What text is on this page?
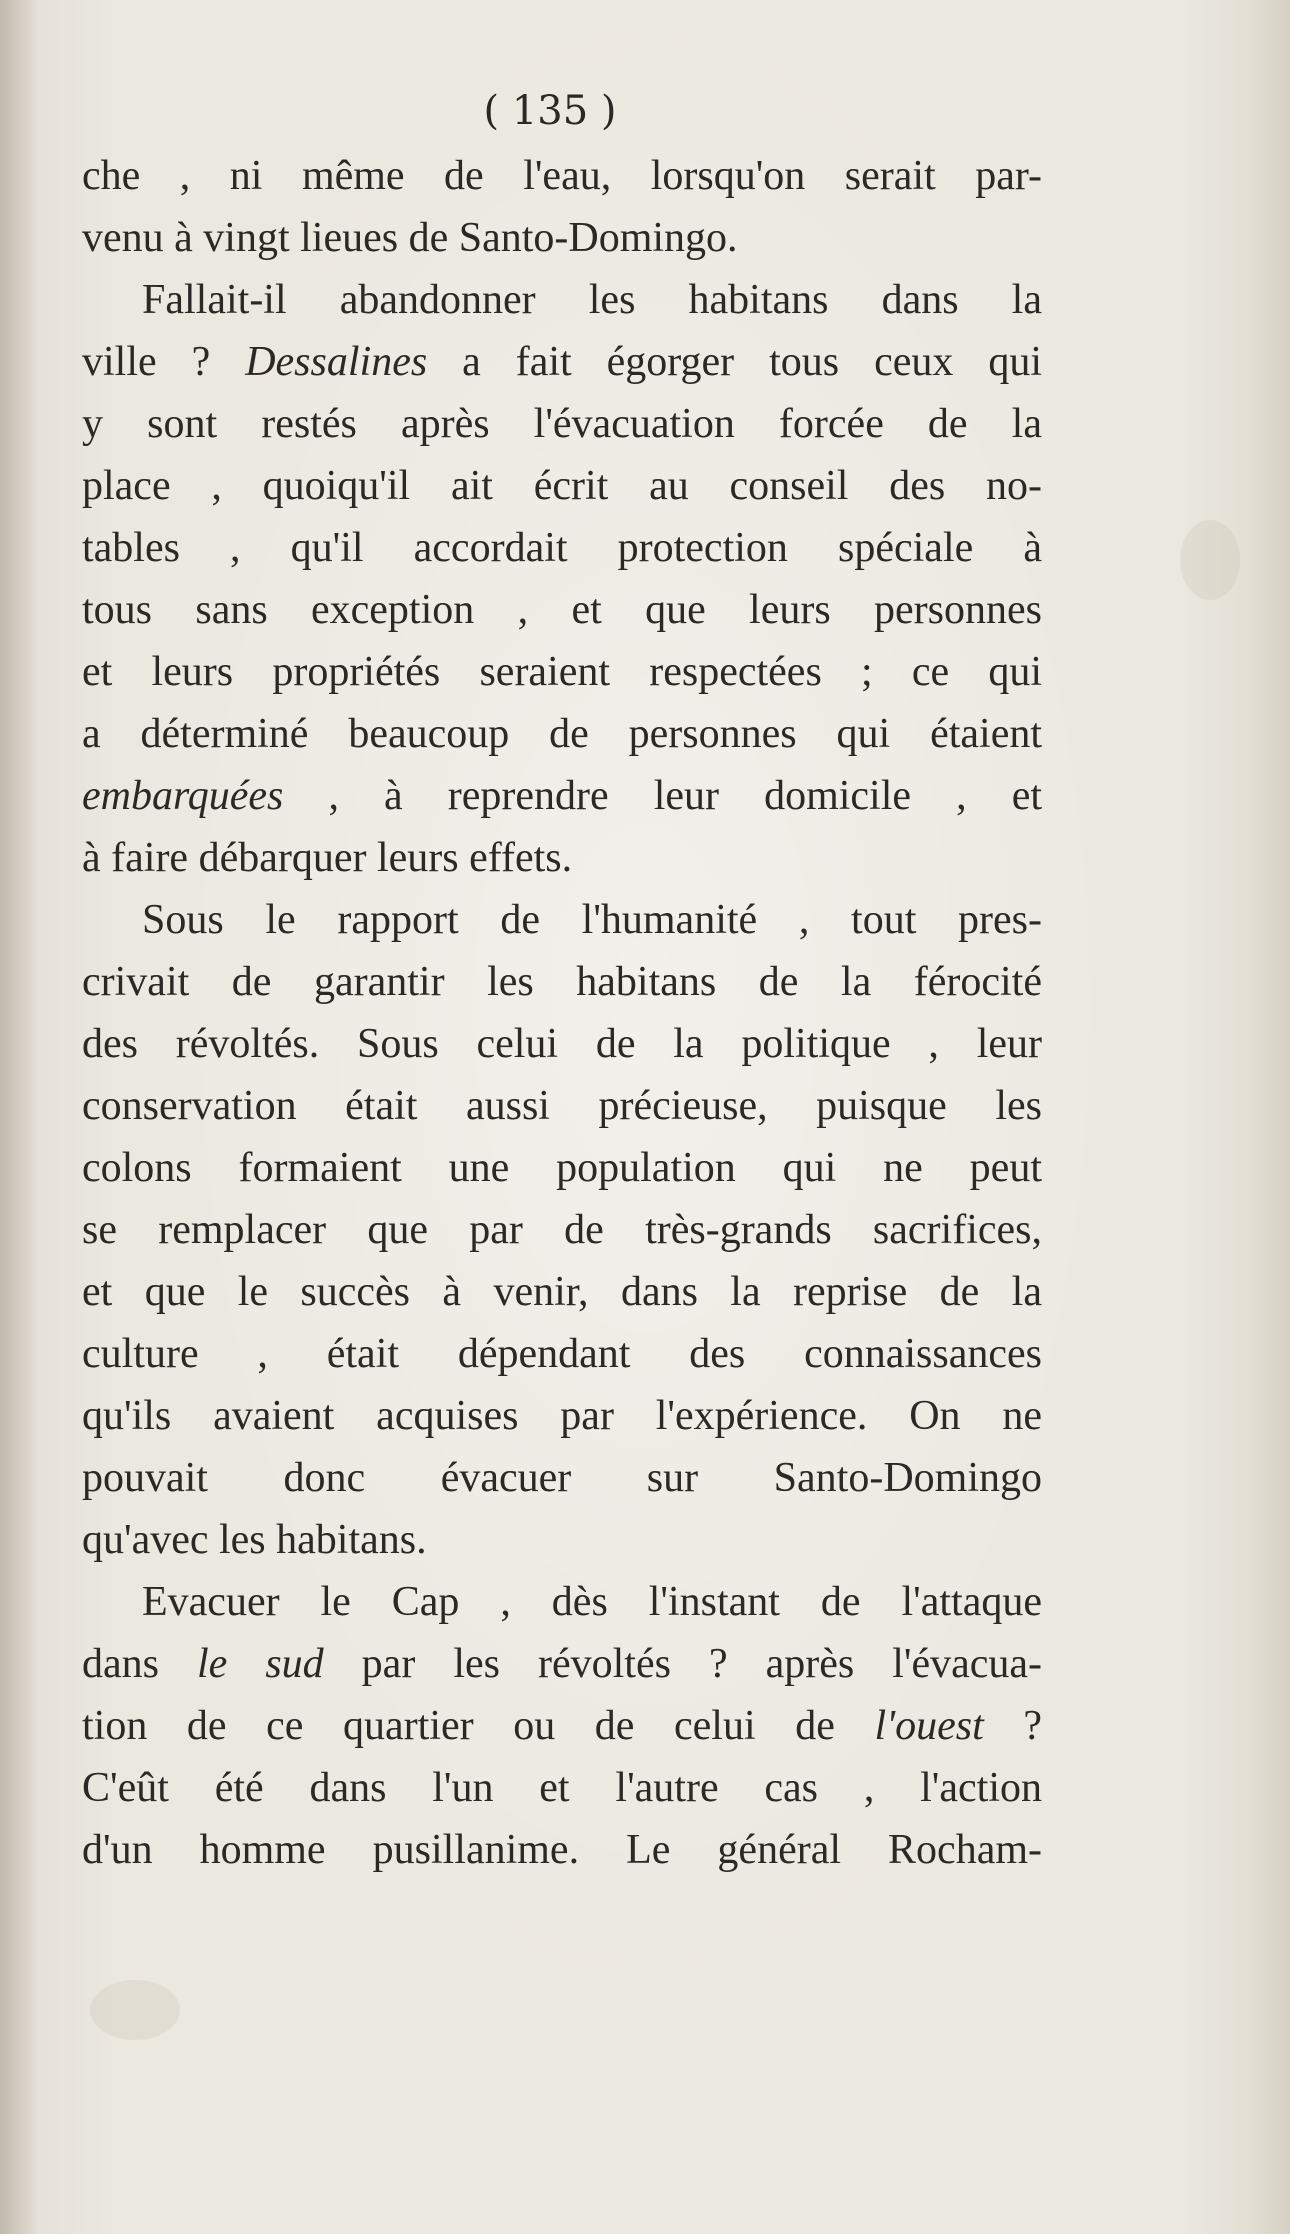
( 135 )
che , ni même de l'eau, lorsqu'on serait par-
venu à vingt lieues de Santo-Domingo.
Fallait-il abandonner les habitans dans la
ville ? Dessalines a fait égorger tous ceux qui
y sont restés après l'évacuation forcée de la
place , quoiqu'il ait écrit au conseil des no-
tables , qu'il accordait protection spéciale à
tous sans exception , et que leurs personnes
et leurs propriétés seraient respectées ; ce qui
a déterminé beaucoup de personnes qui étaient
embarquées , à reprendre leur domicile , et
à faire débarquer leurs effets.
Sous le rapport de l'humanité , tout pres-
crivait de garantir les habitans de la férocité
des révoltés. Sous celui de la politique , leur
conservation était aussi précieuse, puisque les
colons formaient une population qui ne peut
se remplacer que par de très-grands sacrifices,
et que le succès à venir, dans la reprise de la
culture , était dépendant des connaissances
qu'ils avaient acquises par l'expérience. On ne
pouvait donc évacuer sur Santo-Domingo
qu'avec les habitans.
Evacuer le Cap , dès l'instant de l'attaque
dans le sud par les révoltés ? après l'évacua-
tion de ce quartier ou de celui de l'ouest ?
C'eût été dans l'un et l'autre cas , l'action
d'un homme pusillanime. Le général Rocham-
